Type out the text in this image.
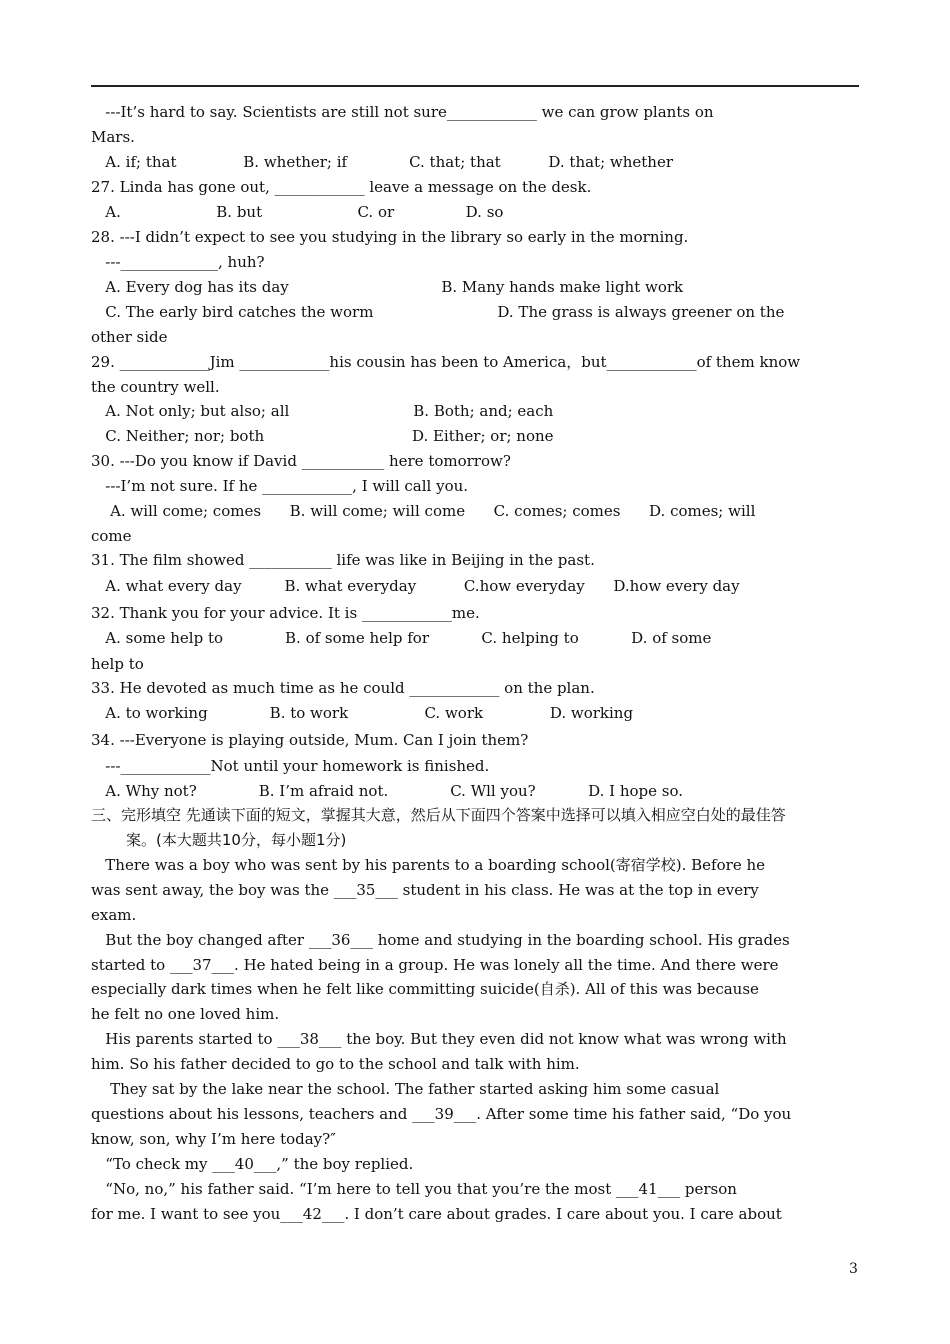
---It’s hard to say. Scientists are still not sure____________ we can grow plants on
Mars.
A. if; that              B. whether; if             C. that; that          D. that; whether
27. Linda has gone out, ____________ leave a message on the desk.
A.                    B. but                    C. or               D. so
28. ---I didn’t expect to see you studying in the library so early in the morning.
---_____________, huh?
A. Every dog has its day                                B. Many hands make light work
C. The early bird catches the worm                          D. The grass is always greener on the
other side
29. ____________Jim ____________his cousin has been to America，but____________of them know
the country well.
A. Not only; but also; all                          B. Both; and; each
C. Neither; nor; both                               D. Either; or; none
30. ---Do you know if David ___________ here tomorrow?
---I’m not sure. If he ____________, I will call you.
A. will come; comes      B. will come; will come      C. comes; comes      D. comes; will
come
31. The film showed ___________ life was like in Beijing in the past.
A. what every day         B. what everyday          C.how everyday      D.how every day
32. Thank you for your advice. It is ____________me.
A. some help to             B. of some help for           C. helping to           D. of some
help to
33. He devoted as much time as he could ____________ on the plan.
A. to working             B. to work                C. work              D. working
34. ---Everyone is playing outside, Mum. Can I join them?
---____________Not until your homework is finished.
A. Why not?             B. I’m afraid not.             C. Wll you?           D. I hope so.
三、完形填空 先通读下面的短文，掌握其大意，然后从下面四个答案中选择可以填入相应空白处的最佳答
案。(本大题共10分，每小题1分)
There was a boy who was sent by his parents to a boarding school(寄宿学校). Before he
was sent away, the boy was the ___35___ student in his class. He was at the top in every
exam.
But the boy changed after ___36___ home and studying in the boarding school. His grades
started to ___37___. He hated being in a group. He was lonely all the time. And there were
especially dark times when he felt like committing suicide(自杀). All of this was because
he felt no one loved him.
His parents started to ___38___ the boy. But they even did not know what was wrong with
him. So his father decided to go to the school and talk with him.
They sat by the lake near the school. The father started asking him some casual
questions about his lessons, teachers and ___39___. After some time his father said, “Do you
know, son, why I’m here today?″
“To check my ___40___,” the boy replied.
“No, no,” his father said. “I’m here to tell you that you’re the most ___41___ person
for me. I want to see you___42___. I don’t care about grades. I care about you. I care about
3
